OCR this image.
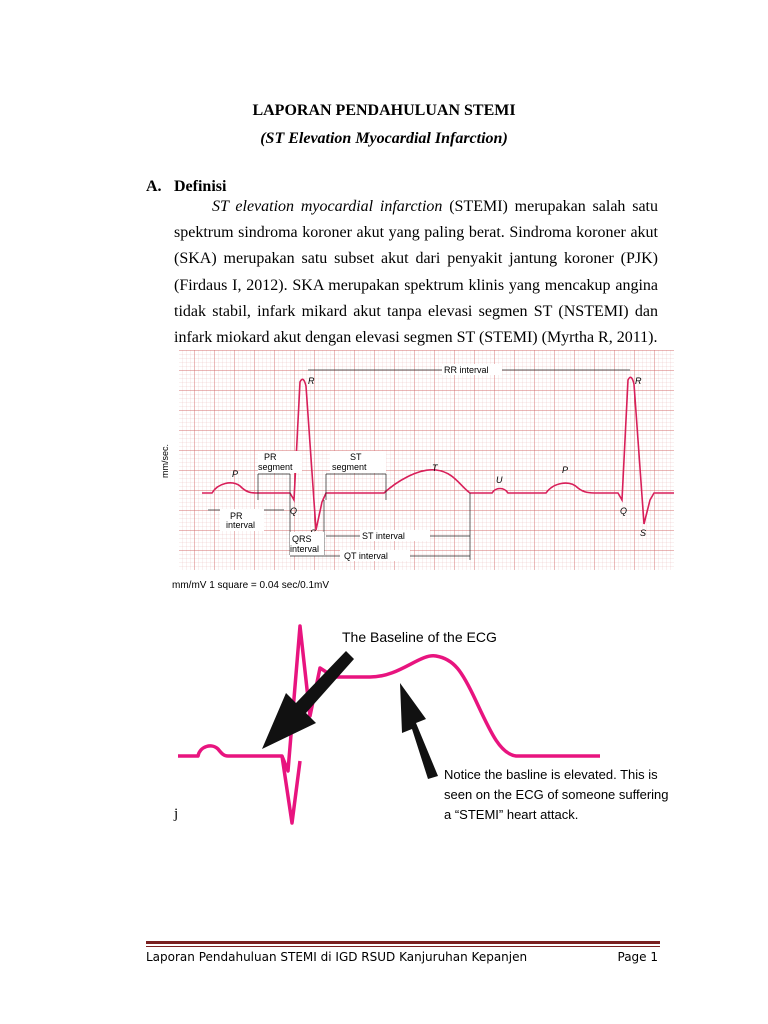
LAPORAN PENDAHULUAN STEMI
(ST Elevation Myocardial Infarction)
A. Definisi
ST elevation myocardial infarction (STEMI) merupakan salah satu spektrum sindroma koroner akut yang paling berat. Sindroma koroner akut (SKA) merupakan satu subset akut dari penyakit jantung koroner (PJK) (Firdaus I, 2012). SKA merupakan spektrum klinis yang mencakup angina tidak stabil, infark mikard akut tanpa elevasi segmen ST (NSTEMI) dan infark miokard akut dengan elevasi segmen ST (STEMI) (Myrtha R, 2011).
RR interval
R	R
P	P
T
U
Q	Q
S
PR
segment
ST
segment
PR
interval
QRS
interval
ST interval
QT interval
mm/sec.
mm/mV 1 square = 0.04 sec/0.1mV
The Baseline of the ECG
Notice the basline is elevated. This is
seen on the ECG of someone suffering
a “STEMI” heart attack.
j
Laporan Pendahuluan STEMI di IGD RSUD Kanjuruhan Kepanjen	Page 1
